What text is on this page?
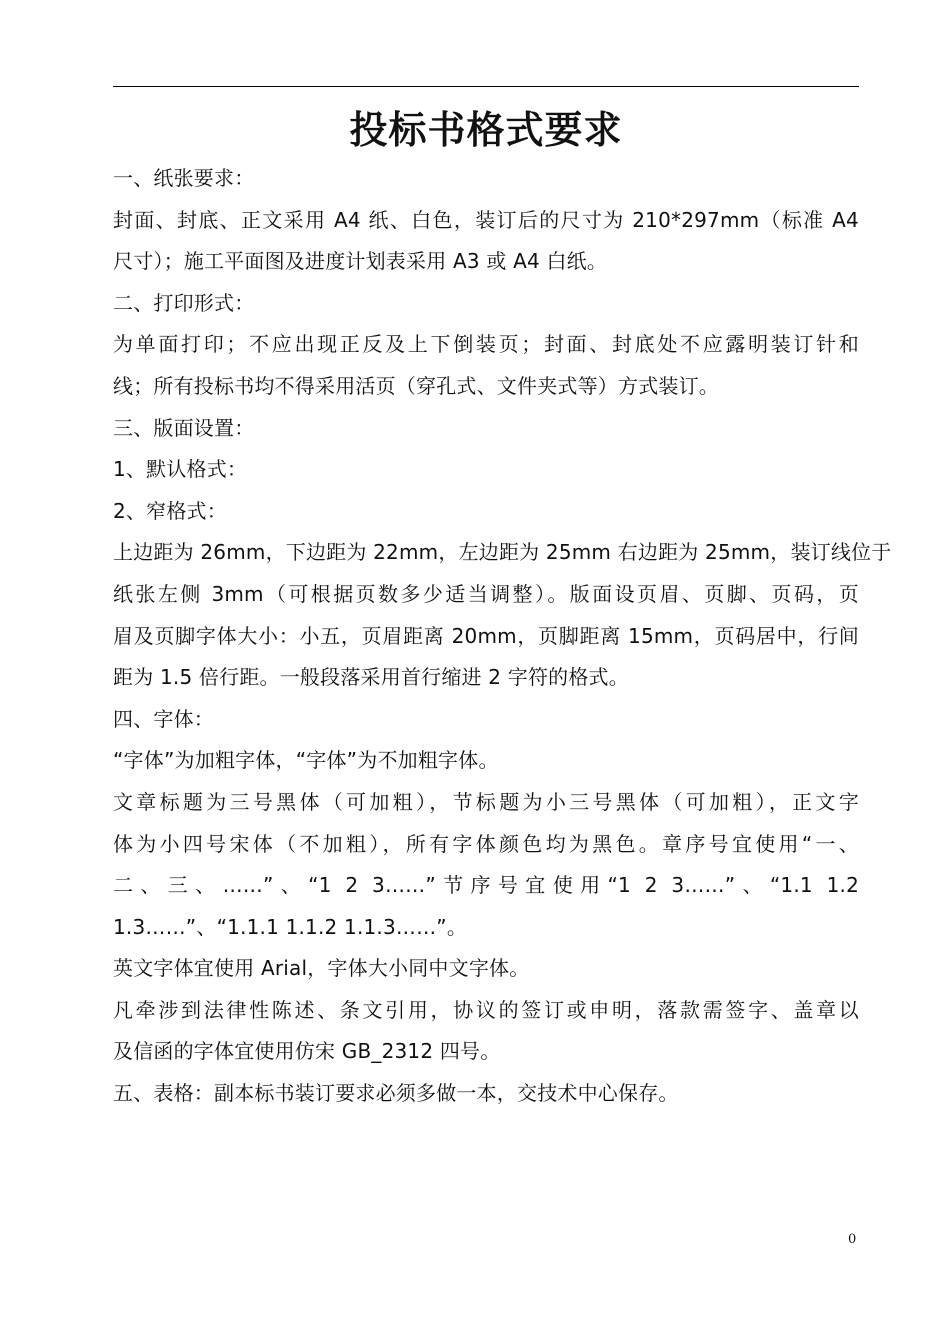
投标书格式要求
一、纸张要求：
封面、封底、正文采用 A4 纸、白色，装订后的尺寸为 210*297mm（标准 A4
尺寸）；施工平面图及进度计划表采用 A3 或 A4 白纸。
二、打印形式：
为单面打印；不应出现正反及上下倒装页；封面、封底处不应露明装订针和
线；所有投标书均不得采用活页（穿孔式、文件夹式等）方式装订。
三、版面设置：
1、默认格式：
2、窄格式：
上边距为 26mm，下边距为 22mm，左边距为 25mm 右边距为 25mm，装订线位于
纸张左侧 3mm（可根据页数多少适当调整）。版面设页眉、页脚、页码，页
眉及页脚字体大小：小五，页眉距离 20mm，页脚距离 15mm，页码居中，行间
距为 1.5 倍行距。一般段落采用首行缩进 2 字符的格式。
四、字体：
“字体”为加粗字体，“字体”为不加粗字体。
文章标题为三号黑体（可加粗），节标题为小三号黑体（可加粗），正文字
体为小四号宋体（不加粗），所有字体颜色均为黑色。章序号宜使用“一、
二、三、……”、“1 2 3……”节序号宜使用“1 2 3……”、“1.1 1.2
1.3……”、“1.1.1 1.1.2 1.1.3……”。
英文字体宜使用 Arial，字体大小同中文字体。
凡牵涉到法律性陈述、条文引用，协议的签订或申明，落款需签字、盖章以
及信函的字体宜使用仿宋 GB_2312 四号。
五、表格：副本标书装订要求必须多做一本，交技术中心保存。
0
